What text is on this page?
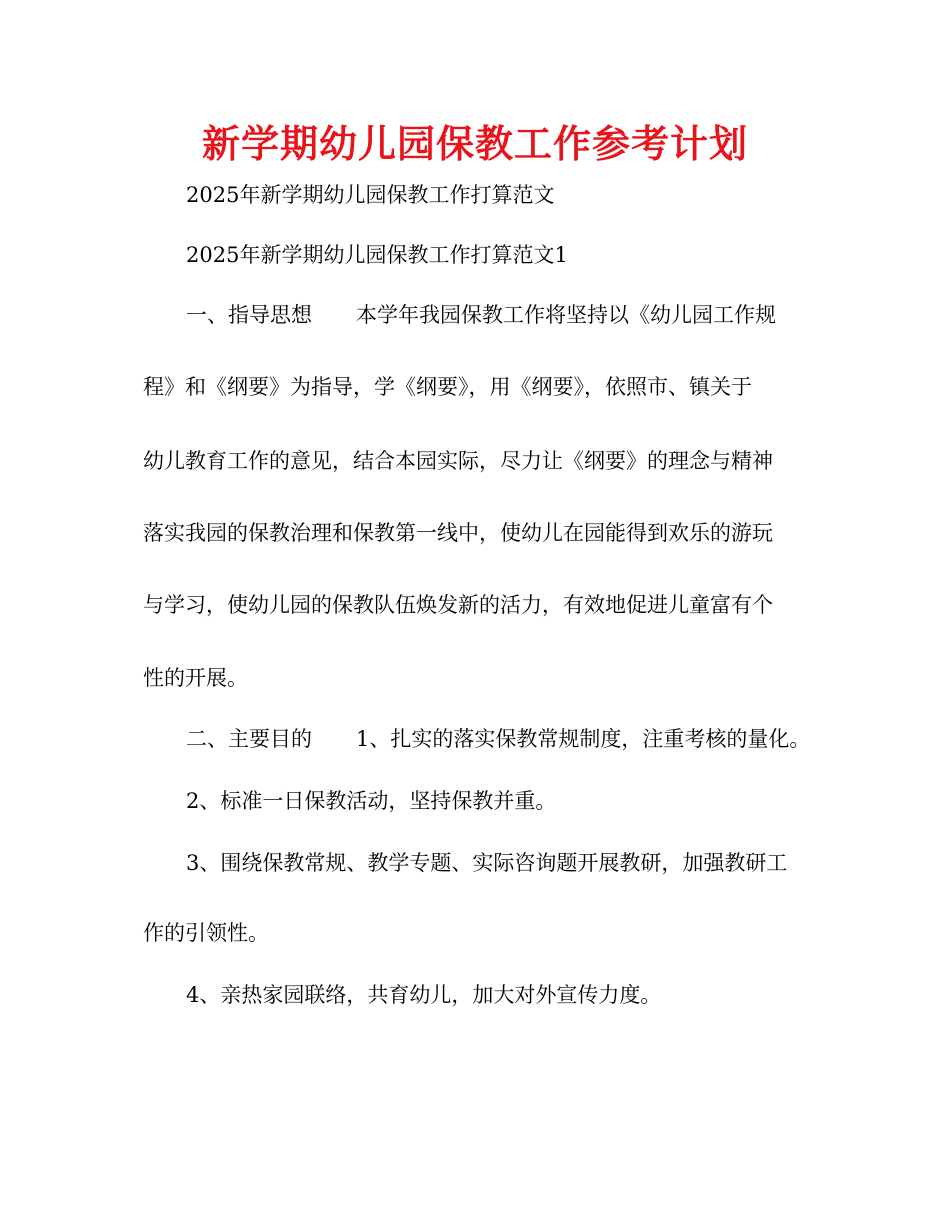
新学期幼儿园保教工作参考计划

2025年新学期幼儿园保教工作打算范文

2025年新学期幼儿园保教工作打算范文1

一、指导思想 本学年我园保教工作将坚持以《幼儿园工作规

程》和《纲要》为指导，学《纲要》，用《纲要》，依照市、镇关于

幼儿教育工作的意见，结合本园实际，尽力让《纲要》的理念与精神

落实我园的保教治理和保教第一线中，使幼儿在园能得到欢乐的游玩

与学习，使幼儿园的保教队伍焕发新的活力，有效地促进儿童富有个

性的开展。

二、主要目的 1、扎实的落实保教常规制度，注重考核的量化。

2、标准一日保教活动，坚持保教并重。

3、围绕保教常规、教学专题、实际咨询题开展教研，加强教研工

作的引领性。

4、亲热家园联络，共育幼儿，加大对外宣传力度。
